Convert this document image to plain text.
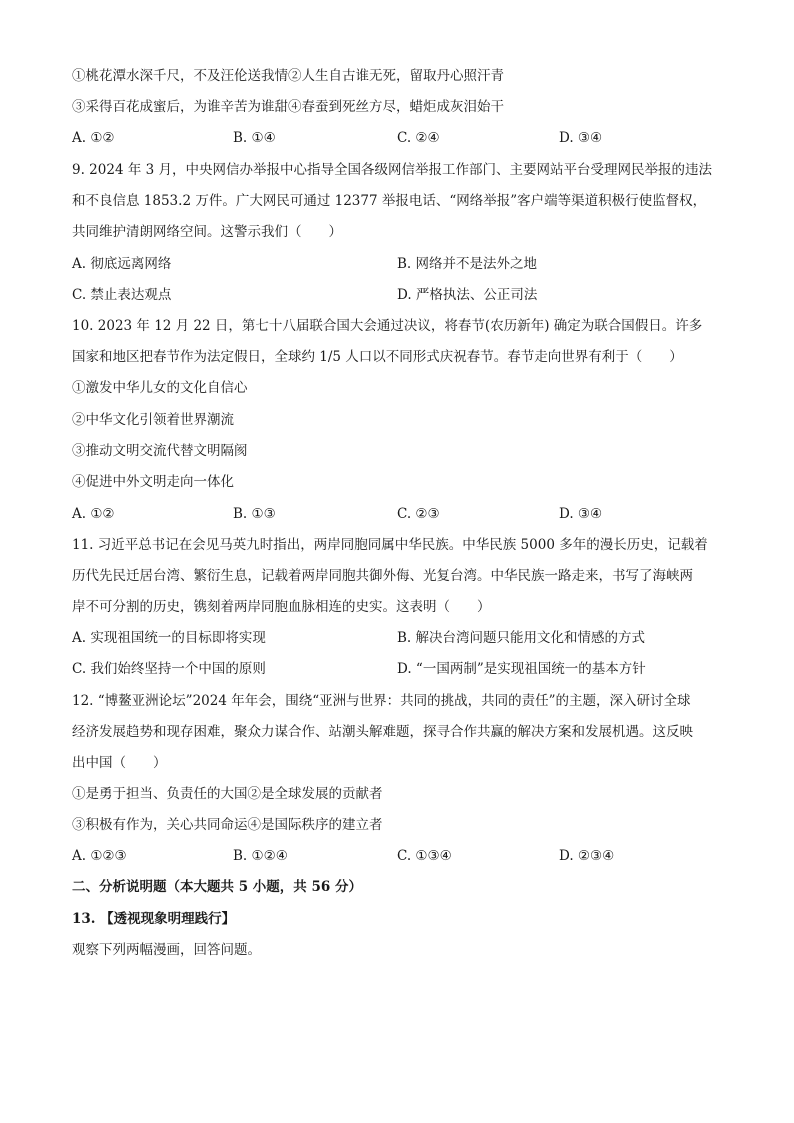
①桃花潭水深千尺，不及汪伦送我情②人生自古谁无死，留取丹心照汗青
③采得百花成蜜后，为谁辛苦为谁甜④春蚕到死丝方尽，蜡炬成灰泪始干
A. ①②	B. ①④	C. ②④	D. ③④
9. 2024 年 3 月，中央网信办举报中心指导全国各级网信举报工作部门、主要网站平台受理网民举报的违法
和不良信息 1853.2 万件。广大网民可通过 12377 举报电话、“网络举报”客户端等渠道积极行使监督权，
共同维护清朗网络空间。这警示我们（　　）
A. 彻底远离网络	B. 网络并不是法外之地
C. 禁止表达观点	D. 严格执法、公正司法
10. 2023 年 12 月 22 日，第七十八届联合国大会通过决议，将春节(农历新年) 确定为联合国假日。许多
国家和地区把春节作为法定假日，全球约 1/5 人口以不同形式庆祝春节。春节走向世界有利于（　　）
①激发中华儿女的文化自信心
②中华文化引领着世界潮流
③推动文明交流代替文明隔阂
④促进中外文明走向一体化
A. ①②	B. ①③	C. ②③	D. ③④
11. 习近平总书记在会见马英九时指出，两岸同胞同属中华民族。中华民族 5000 多年的漫长历史，记载着
历代先民迁居台湾、繁衍生息，记载着两岸同胞共御外侮、光复台湾。中华民族一路走来，书写了海峡两
岸不可分割的历史，镌刻着两岸同胞血脉相连的史实。这表明（　　）
A. 实现祖国统一的目标即将实现	B. 解决台湾问题只能用文化和情感的方式
C. 我们始终坚持一个中国的原则	D. “一国两制”是实现祖国统一的基本方针
12. “博鳌亚洲论坛”2024 年年会，围绕“亚洲与世界：共同的挑战，共同的责任”的主题，深入研讨全球
经济发展趋势和现存困难，聚众力谋合作、站潮头解难题，探寻合作共赢的解决方案和发展机遇。这反映
出中国（　　）
①是勇于担当、负责任的大国②是全球发展的贡献者
③积极有作为，关心共同命运④是国际秩序的建立者
A. ①②③	B. ①②④	C. ①③④	D. ②③④
二、分析说明题（本大题共 5 小题，共 56 分）
13. 【透视现象明理践行】
观察下列两幅漫画，回答问题。
